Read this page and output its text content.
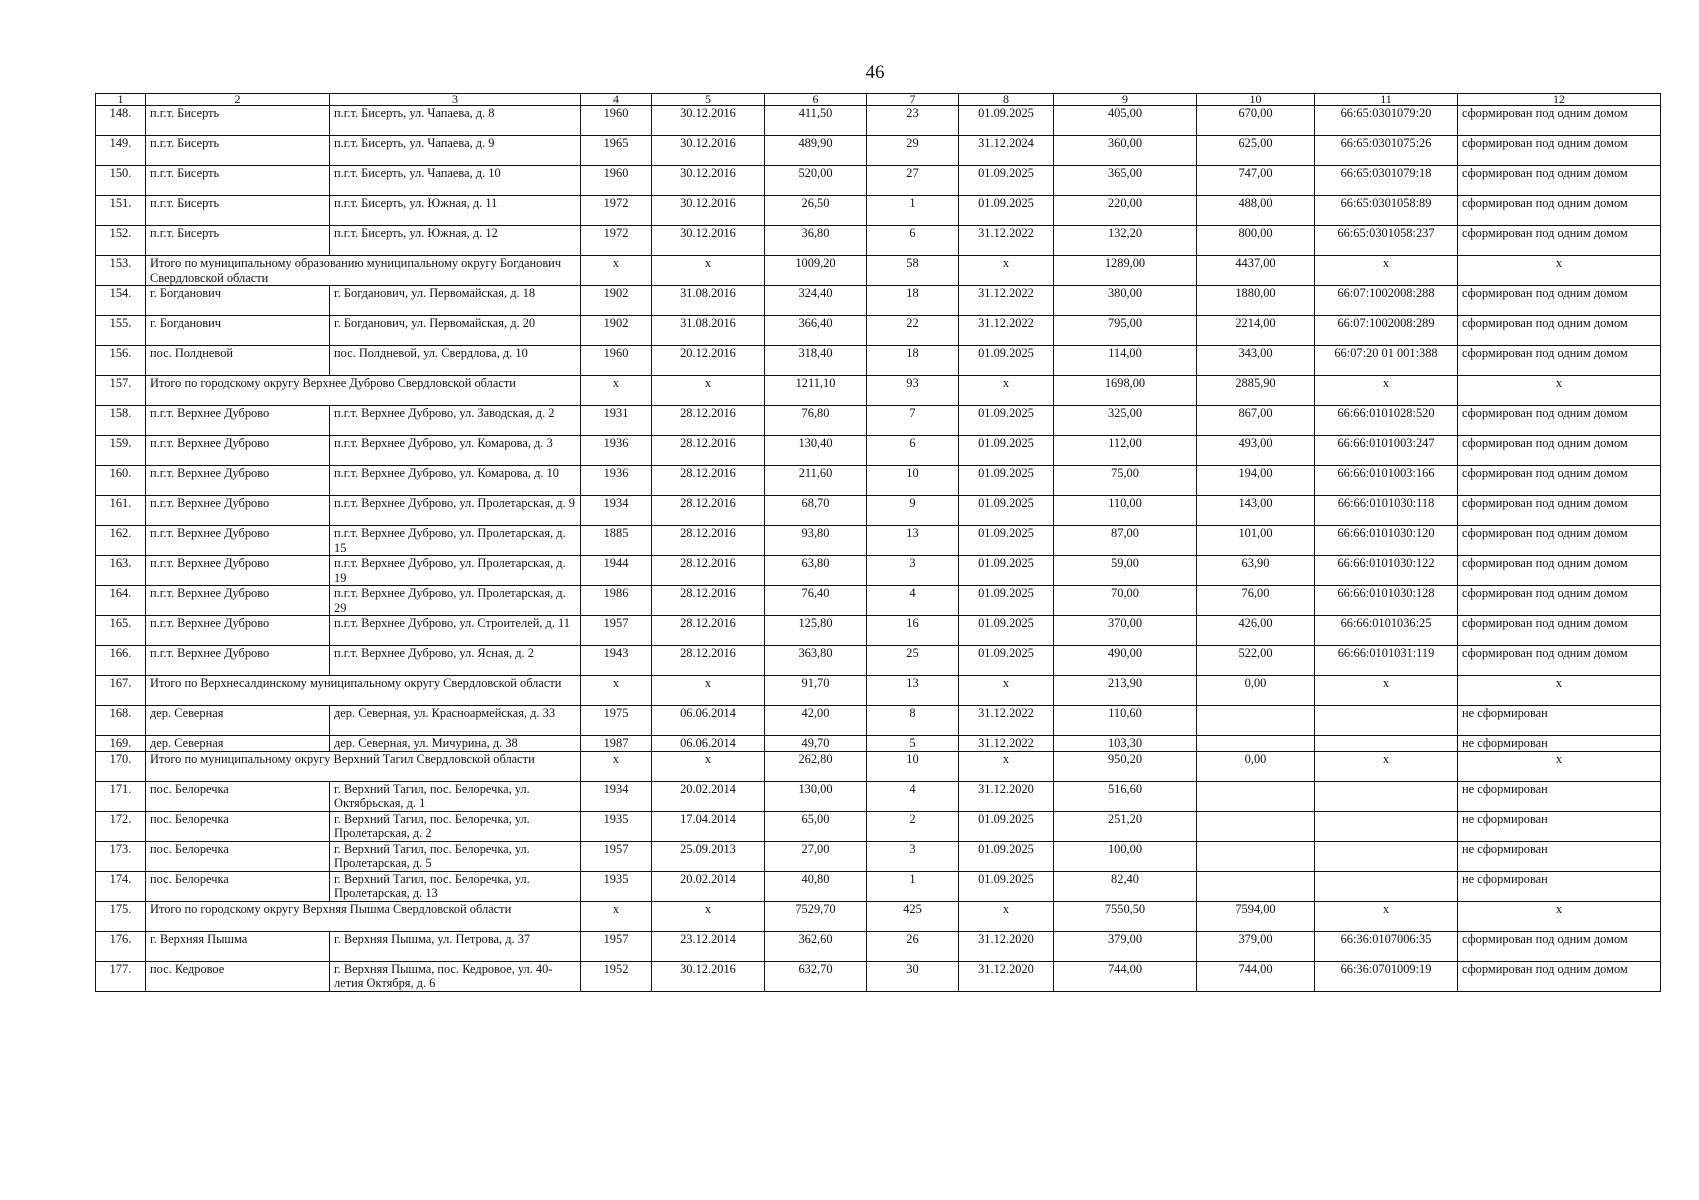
46
1	2	3	4	5	6	7	8	9	10	11	12
148.	п.г.т. Бисерть	п.г.т. Бисерть, ул. Чапаева, д. 8	1960	30.12.2016	411,50	23	01.09.2025	405,00	670,00	66:65:0301079:20	сформирован под одним домом
149.	п.г.т. Бисерть	п.г.т. Бисерть, ул. Чапаева, д. 9	1965	30.12.2016	489,90	29	31.12.2024	360,00	625,00	66:65:0301075:26	сформирован под одним домом
150.	п.г.т. Бисерть	п.г.т. Бисерть, ул. Чапаева, д. 10	1960	30.12.2016	520,00	27	01.09.2025	365,00	747,00	66:65:0301079:18	сформирован под одним домом
151.	п.г.т. Бисерть	п.г.т. Бисерть, ул. Южная, д. 11	1972	30.12.2016	26,50	1	01.09.2025	220,00	488,00	66:65:0301058:89	сформирован под одним домом
152.	п.г.т. Бисерть	п.г.т. Бисерть, ул. Южная, д. 12	1972	30.12.2016	36,80	6	31.12.2022	132,20	800,00	66:65:0301058:237	сформирован под одним домом
153.	Итого по муниципальному образованию муниципальному округу Богданович Свердловской области		x	x	1009,20	58	x	1289,00	4437,00	x	x
154.	г. Богданович	г. Богданович, ул. Первомайская, д. 18	1902	31.08.2016	324,40	18	31.12.2022	380,00	1880,00	66:07:1002008:288	сформирован под одним домом
155.	г. Богданович	г. Богданович, ул. Первомайская, д. 20	1902	31.08.2016	366,40	22	31.12.2022	795,00	2214,00	66:07:1002008:289	сформирован под одним домом
156.	пос. Полдневой	пос. Полдневой, ул. Свердлова, д. 10	1960	20.12.2016	318,40	18	01.09.2025	114,00	343,00	66:07:20 01 001:388	сформирован под одним домом
157.	Итого по городскому округу Верхнее Дуброво Свердловской области		x	x	1211,10	93	x	1698,00	2885,90	x	x
158.	п.г.т. Верхнее Дуброво	п.г.т. Верхнее Дуброво, ул. Заводская, д. 2	1931	28.12.2016	76,80	7	01.09.2025	325,00	867,00	66:66:0101028:520	сформирован под одним домом
159.	п.г.т. Верхнее Дуброво	п.г.т. Верхнее Дуброво, ул. Комарова, д. 3	1936	28.12.2016	130,40	6	01.09.2025	112,00	493,00	66:66:0101003:247	сформирован под одним домом
160.	п.г.т. Верхнее Дуброво	п.г.т. Верхнее Дуброво, ул. Комарова, д. 10	1936	28.12.2016	211,60	10	01.09.2025	75,00	194,00	66:66:0101003:166	сформирован под одним домом
161.	п.г.т. Верхнее Дуброво	п.г.т. Верхнее Дуброво, ул. Пролетарская, д. 9	1934	28.12.2016	68,70	9	01.09.2025	110,00	143,00	66:66:0101030:118	сформирован под одним домом
162.	п.г.т. Верхнее Дуброво	п.г.т. Верхнее Дуброво, ул. Пролетарская, д. 15	1885	28.12.2016	93,80	13	01.09.2025	87,00	101,00	66:66:0101030:120	сформирован под одним домом
163.	п.г.т. Верхнее Дуброво	п.г.т. Верхнее Дуброво, ул. Пролетарская, д. 19	1944	28.12.2016	63,80	3	01.09.2025	59,00	63,90	66:66:0101030:122	сформирован под одним домом
164.	п.г.т. Верхнее Дуброво	п.г.т. Верхнее Дуброво, ул. Пролетарская, д. 29	1986	28.12.2016	76,40	4	01.09.2025	70,00	76,00	66:66:0101030:128	сформирован под одним домом
165.	п.г.т. Верхнее Дуброво	п.г.т. Верхнее Дуброво, ул. Строителей, д. 11	1957	28.12.2016	125,80	16	01.09.2025	370,00	426,00	66:66:0101036:25	сформирован под одним домом
166.	п.г.т. Верхнее Дуброво	п.г.т. Верхнее Дуброво, ул. Ясная, д. 2	1943	28.12.2016	363,80	25	01.09.2025	490,00	522,00	66:66:0101031:119	сформирован под одним домом
167.	Итого по Верхнесалдинскому муниципальному округу Свердловской области		x	x	91,70	13	x	213,90	0,00	x	x
168.	дер. Северная	дер. Северная, ул. Красноармейская, д. 33	1975	06.06.2014	42,00	8	31.12.2022	110,60			не сформирован
169.	дер. Северная	дер. Северная, ул. Мичурина, д. 38	1987	06.06.2014	49,70	5	31.12.2022	103,30			не сформирован
170.	Итого по муниципальному округу Верхний Тагил Свердловской области		x	x	262,80	10	x	950,20	0,00	x	x
171.	пос. Белоречка	г. Верхний Тагил, пос. Белоречка, ул. Октябрьская, д. 1	1934	20.02.2014	130,00	4	31.12.2020	516,60			не сформирован
172.	пос. Белоречка	г. Верхний Тагил, пос. Белоречка, ул. Пролетарская, д. 2	1935	17.04.2014	65,00	2	01.09.2025	251,20			не сформирован
173.	пос. Белоречка	г. Верхний Тагил, пос. Белоречка, ул. Пролетарская, д. 5	1957	25.09.2013	27,00	3	01.09.2025	100,00			не сформирован
174.	пос. Белоречка	г. Верхний Тагил, пос. Белоречка, ул. Пролетарская, д. 13	1935	20.02.2014	40,80	1	01.09.2025	82,40			не сформирован
175.	Итого по городскому округу Верхняя Пышма Свердловской области		x	x	7529,70	425	x	7550,50	7594,00	x	x
176.	г. Верхняя Пышма	г. Верхняя Пышма, ул. Петрова, д. 37	1957	23.12.2014	362,60	26	31.12.2020	379,00	379,00	66:36:0107006:35	сформирован под одним домом
177.	пос. Кедровое	г. Верхняя Пышма, пос. Кедровое, ул. 40-летия Октября, д. 6	1952	30.12.2016	632,70	30	31.12.2020	744,00	744,00	66:36:0701009:19	сформирован под одним домом
